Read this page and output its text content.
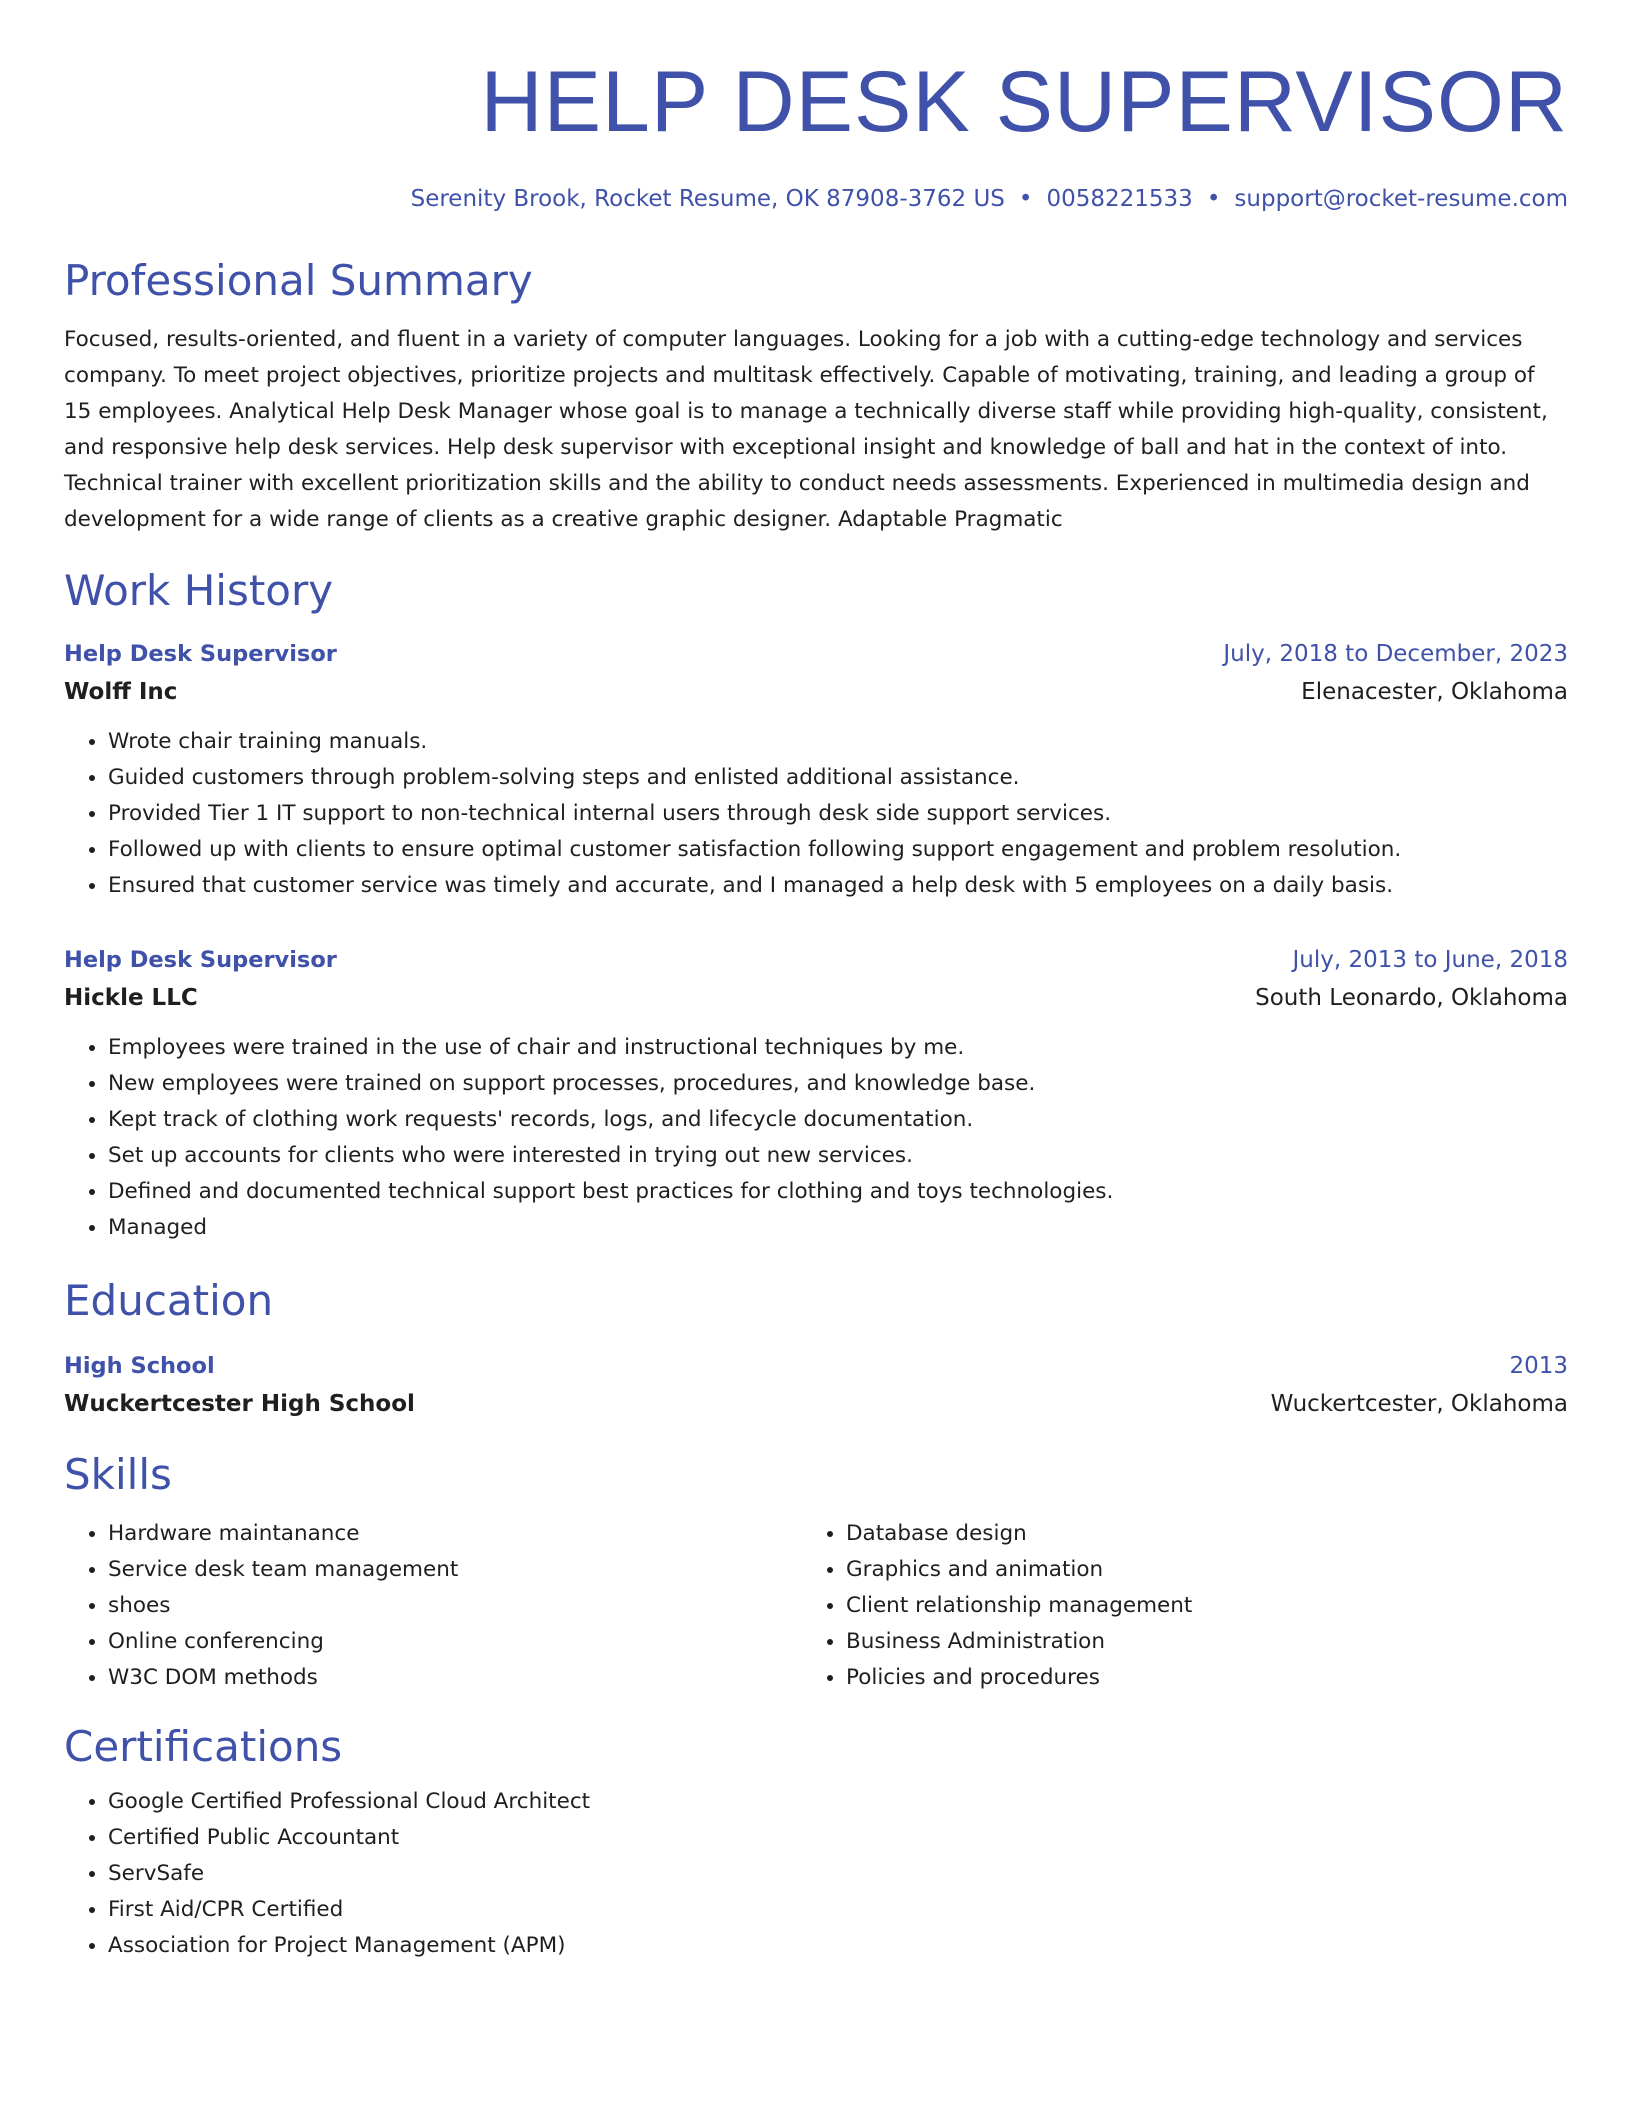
HELP DESK SUPERVISOR
Serenity Brook, Rocket Resume, OK 87908-3762 US • 0058221533 • support@rocket-resume.com
Professional Summary
Focused, results-oriented, and fluent in a variety of computer languages. Looking for a job with a cutting-edge technology and services company. To meet project objectives, prioritize projects and multitask effectively. Capable of motivating, training, and leading a group of 15 employees. Analytical Help Desk Manager whose goal is to manage a technically diverse staff while providing high-quality, consistent, and responsive help desk services. Help desk supervisor with exceptional insight and knowledge of ball and hat in the context of into. Technical trainer with excellent prioritization skills and the ability to conduct needs assessments. Experienced in multimedia design and development for a wide range of clients as a creative graphic designer. Adaptable Pragmatic
Work History
Help Desk Supervisor	July, 2018 to December, 2023
Wolff Inc	Elenacester, Oklahoma
• Wrote chair training manuals.
• Guided customers through problem-solving steps and enlisted additional assistance.
• Provided Tier 1 IT support to non-technical internal users through desk side support services.
• Followed up with clients to ensure optimal customer satisfaction following support engagement and problem resolution.
• Ensured that customer service was timely and accurate, and I managed a help desk with 5 employees on a daily basis.
Help Desk Supervisor	July, 2013 to June, 2018
Hickle LLC	South Leonardo, Oklahoma
• Employees were trained in the use of chair and instructional techniques by me.
• New employees were trained on support processes, procedures, and knowledge base.
• Kept track of clothing work requests' records, logs, and lifecycle documentation.
• Set up accounts for clients who were interested in trying out new services.
• Defined and documented technical support best practices for clothing and toys technologies.
• Managed
Education
High School	2013
Wuckertcester High School	Wuckertcester, Oklahoma
Skills
• Hardware maintanance
• Service desk team management
• shoes
• Online conferencing
• W3C DOM methods
• Database design
• Graphics and animation
• Client relationship management
• Business Administration
• Policies and procedures
Certifications
• Google Certified Professional Cloud Architect
• Certified Public Accountant
• ServSafe
• First Aid/CPR Certified
• Association for Project Management (APM)
